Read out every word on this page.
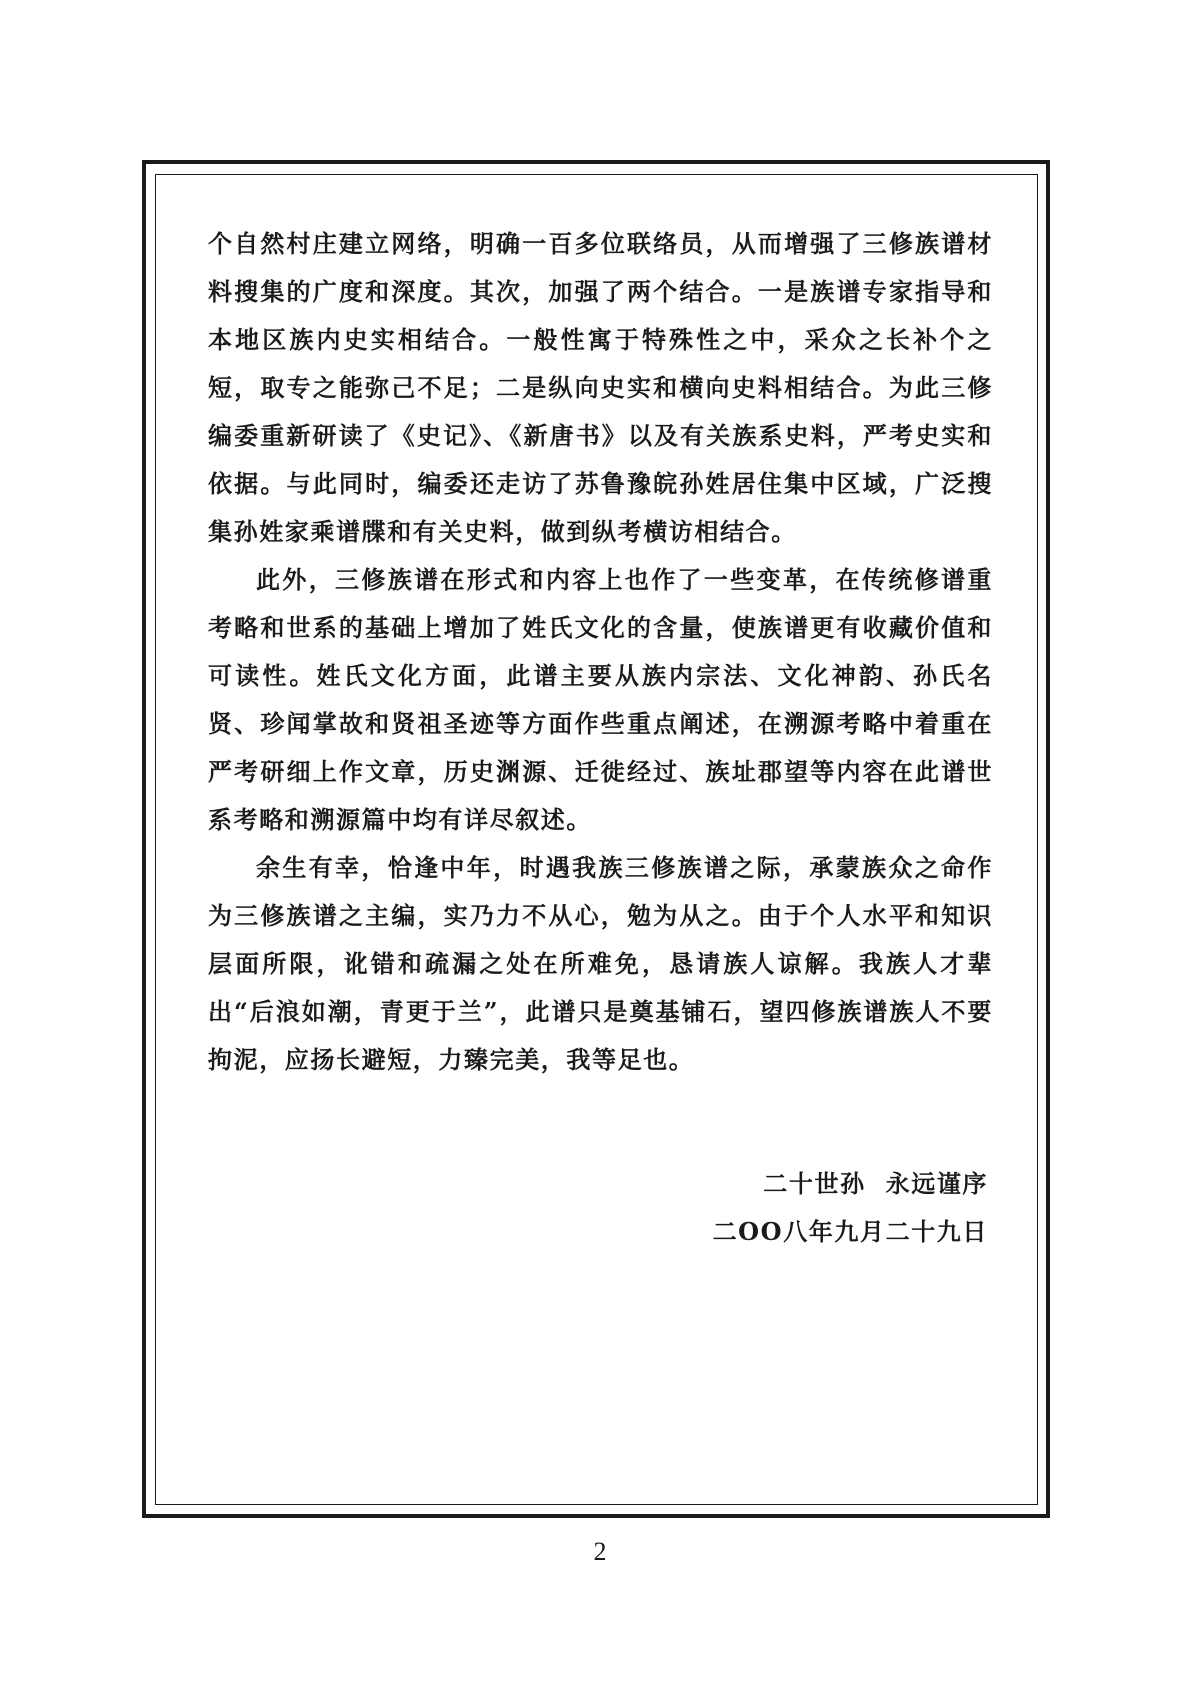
个自然村庄建立网络，明确一百多位联络员，从而增强了三修族谱材料搜集的广度和深度。其次，加强了两个结合。一是族谱专家指导和本地区族内史实相结合。一般性寓于特殊性之中，采众之长补个之短，取专之能弥己不足；二是纵向史实和横向史料相结合。为此三修编委重新研读了《史记》、《新唐书》以及有关族系史料，严考史实和依据。与此同时，编委还走访了苏鲁豫皖孙姓居住集中区域，广泛搜集孙姓家乘谱牒和有关史料，做到纵考横访相结合。

此外，三修族谱在形式和内容上也作了一些变革，在传统修谱重考略和世系的基础上增加了姓氏文化的含量，使族谱更有收藏价值和可读性。姓氏文化方面，此谱主要从族内宗法、文化神韵、孙氏名贤、珍闻掌故和贤祖圣迹等方面作些重点阐述，在溯源考略中着重在严考研细上作文章，历史渊源、迁徙经过、族址郡望等内容在此谱世系考略和溯源篇中均有详尽叙述。

余生有幸，恰逢中年，时遇我族三修族谱之际，承蒙族众之命作为三修族谱之主编，实乃力不从心，勉为从之。由于个人水平和知识层面所限，讹错和疏漏之处在所难免，恳请族人谅解。我族人才辈出“后浪如潮，青更于兰”，此谱只是奠基铺石，望四修族谱族人不要拘泥，应扬长避短，力臻完美，我等足也。

二十世孙  永远谨序
二OO八年九月二十九日
2
